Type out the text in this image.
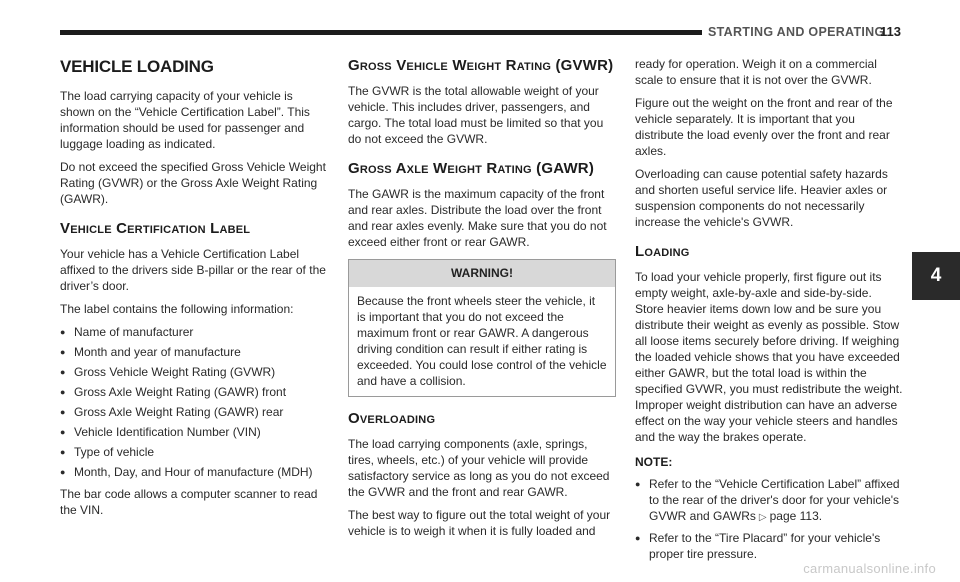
STARTING AND OPERATING
113
4
VEHICLE LOADING

The load carrying capacity of your vehicle is shown on the “Vehicle Certification Label”. This information should be used for passenger and luggage loading as indicated.

Do not exceed the specified Gross Vehicle Weight Rating (GVWR) or the Gross Axle Weight Rating (GAWR).

Vehicle Certification Label

Your vehicle has a Vehicle Certification Label affixed to the drivers side B-pillar or the rear of the driver’s door.

The label contains the following information:

● Name of manufacturer
● Month and year of manufacture
● Gross Vehicle Weight Rating (GVWR)
● Gross Axle Weight Rating (GAWR) front
● Gross Axle Weight Rating (GAWR) rear
● Vehicle Identification Number (VIN)
● Type of vehicle
● Month, Day, and Hour of manufacture (MDH)

The bar code allows a computer scanner to read the VIN.

Gross Vehicle Weight Rating (GVWR)

The GVWR is the total allowable weight of your vehicle. This includes driver, passengers, and cargo. The total load must be limited so that you do not exceed the GVWR.

Gross Axle Weight Rating (GAWR)

The GAWR is the maximum capacity of the front and rear axles. Distribute the load over the front and rear axles evenly. Make sure that you do not exceed either front or rear GAWR.

WARNING!
Because the front wheels steer the vehicle, it is important that you do not exceed the maximum front or rear GAWR. A dangerous driving condition can result if either rating is exceeded. You could lose control of the vehicle and have a collision.
Overloading

The load carrying components (axle, springs, tires, wheels, etc.) of your vehicle will provide satisfactory service as long as you do not exceed the GVWR and the front and rear GAWR.

The best way to figure out the total weight of your vehicle is to weigh it when it is fully loaded and

ready for operation. Weigh it on a commercial scale to ensure that it is not over the GVWR.

Figure out the weight on the front and rear of the vehicle separately. It is important that you distribute the load evenly over the front and rear axles.

Overloading can cause potential safety hazards and shorten useful service life. Heavier axles or suspension components do not necessarily increase the vehicle's GVWR.

Loading

To load your vehicle properly, first figure out its empty weight, axle-by-axle and side-by-side. Store heavier items down low and be sure you distribute their weight as evenly as possible. Stow all loose items securely before driving. If weighing the loaded vehicle shows that you have exceeded either GAWR, but the total load is within the specified GVWR, you must redistribute the weight. Improper weight distribution can have an adverse effect on the way your vehicle steers and handles and the way the brakes operate.

NOTE:
● Refer to the “Vehicle Certification Label” affixed to the rear of the driver's door for your vehicle's GVWR and GAWRs ▷ page 113.
● Refer to the “Tire Placard” for your vehicle's proper tire pressure.
carmanualsonline.info
